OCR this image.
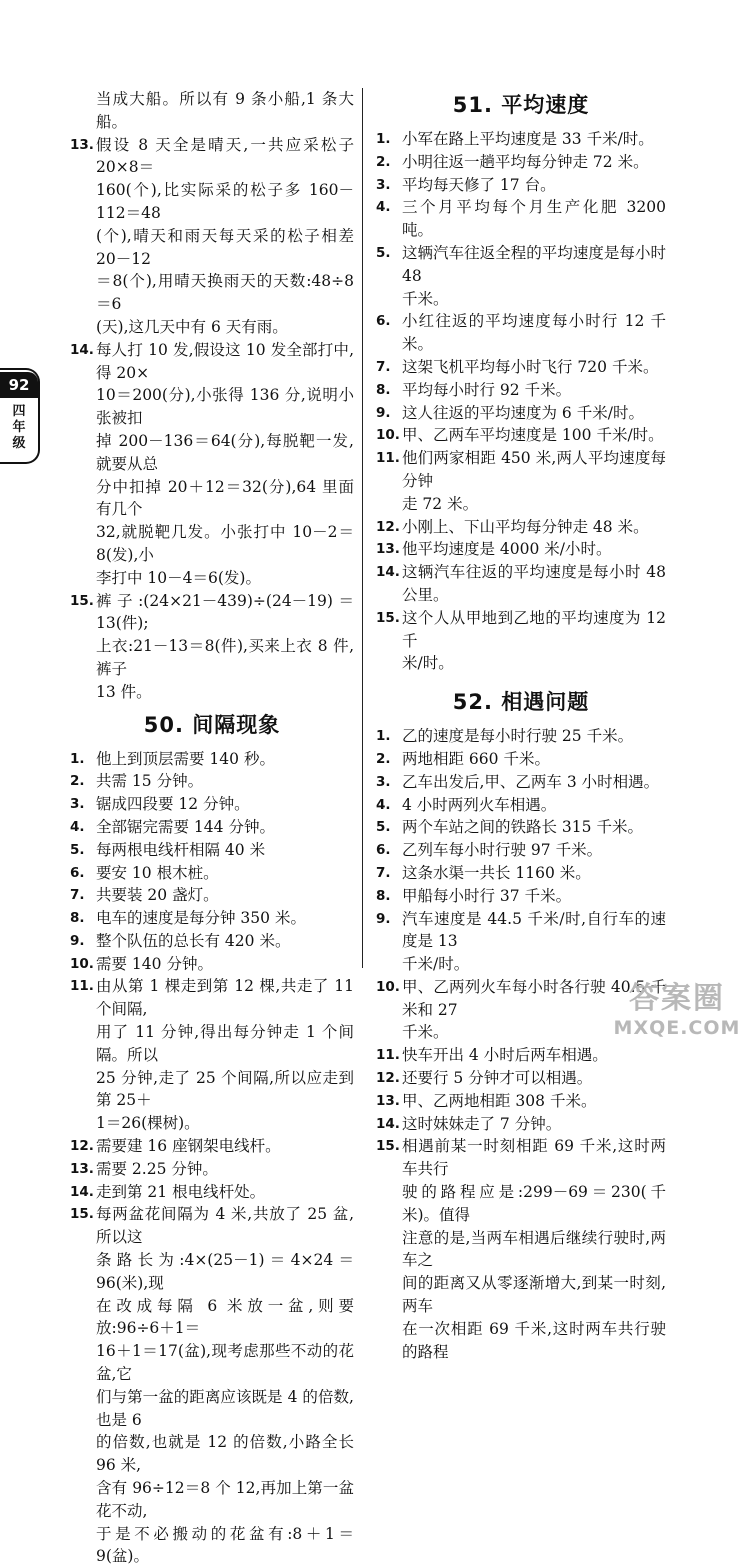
92
四年级
当成大船。所以有 9 条小船,1 条大船。
13. 假设 8 天全是晴天,一共应采松子 20×8＝
160(个),比实际采的松子多 160－ 112＝48
(个),晴天和雨天每天采的松子相差 20－12
＝8(个),用晴天换雨天的天数:48÷8＝6
(天),这几天中有 6 天有雨。
14. 每人打 10 发,假设这 10 发全部打中,得 20×
10＝200(分),小张得 136 分,说明小张被扣
掉 200－136＝64(分),每脱靶一发,就要从总
分中扣掉 20＋12＝32(分),64 里面有几个
32,就脱靶几发。小张打中 10－2＝8(发),小
李打中 10－4＝6(发)。
15. 裤子:(24×21－439)÷(24－19)＝13(件);
上衣:21－13＝8(件),买来上衣 8 件,裤子
13 件。
50. 间隔现象
1. 他上到顶层需要 140 秒。
2. 共需 15 分钟。
3. 锯成四段要 12 分钟。
4. 全部锯完需要 144 分钟。
5. 每两根电线杆相隔 40 米
6. 要安 10 根木桩。
7. 共要装 20 盏灯。
8. 电车的速度是每分钟 350 米。
9. 整个队伍的总长有 420 米。
10. 需要 140 分钟。
11. 由从第 1 棵走到第 12 棵,共走了 11 个间隔,
用了 11 分钟,得出每分钟走 1 个间隔。所以
25 分钟,走了 25 个间隔,所以应走到第 25＋
1＝26(棵树)。
12. 需要建 16 座钢架电线杆。
13. 需要 2.25 分钟。
14. 走到第 21 根电线杆处。
15. 每两盆花间隔为 4 米,共放了 25 盆,所以这
条路长为:4×(25－1)＝4×24＝96(米),现
在改成每隔 6 米放一盆,则要放:96÷6＋1＝
16＋1＝17(盆),现考虑那些不动的花盆,它
们与第一盆的距离应该既是 4 的倍数,也是 6
的倍数,也就是 12 的倍数,小路全长 96 米,
含有 96÷12＝8 个 12,再加上第一盆花不动,
于是不必搬动的花盆有:8＋1＝9(盆)。
51. 平均速度
1. 小军在路上平均速度是 33 千米/时。
2. 小明往返一趟平均每分钟走 72 米。
3. 平均每天修了 17 台。
4. 三个月平均每个月生产化肥 3200 吨。
5. 这辆汽车往返全程的平均速度是每小时 48
千米。
6. 小红往返的平均速度每小时行 12 千米。
7. 这架飞机平均每小时飞行 720 千米。
8. 平均每小时行 92 千米。
9. 这人往返的平均速度为 6 千米/时。
10. 甲、乙两车平均速度是 100 千米/时。
11. 他们两家相距 450 米,两人平均速度每分钟
走 72 米。
12. 小刚上、下山平均每分钟走 48 米。
13. 他平均速度是 4000 米/小时。
14. 这辆汽车往返的平均速度是每小时 48 公里。
15. 这个人从甲地到乙地的平均速度为 12 千
米/时。
52. 相遇问题
1. 乙的速度是每小时行驶 25 千米。
2. 两地相距 660 千米。
3. 乙车出发后,甲、乙两车 3 小时相遇。
4. 4 小时两列火车相遇。
5. 两个车站之间的铁路长 315 千米。
6. 乙列车每小时行驶 97 千米。
7. 这条水渠一共长 1160 米。
8. 甲船每小时行 37 千米。
9. 汽车速度是 44.5 千米/时,自行车的速度是 13
千米/时。
10. 甲、乙两列火车每小时各行驶 40.5 千米和 27
千米。
11. 快车开出 4 小时后两车相遇。
12. 还要行 5 分钟才可以相遇。
13. 甲、乙两地相距 308 千米。
14. 这时妹妹走了 7 分钟。
15. 相遇前某一时刻相距 69 千米,这时两车共行
驶的路程应是:299－69＝230(千米)。值得
注意的是,当两车相遇后继续行驶时,两车之
间的距离又从零逐渐增大,到某一时刻,两车
在一次相距 69 千米,这时两车共行驶的路程
答案圈
MXQE.COM
